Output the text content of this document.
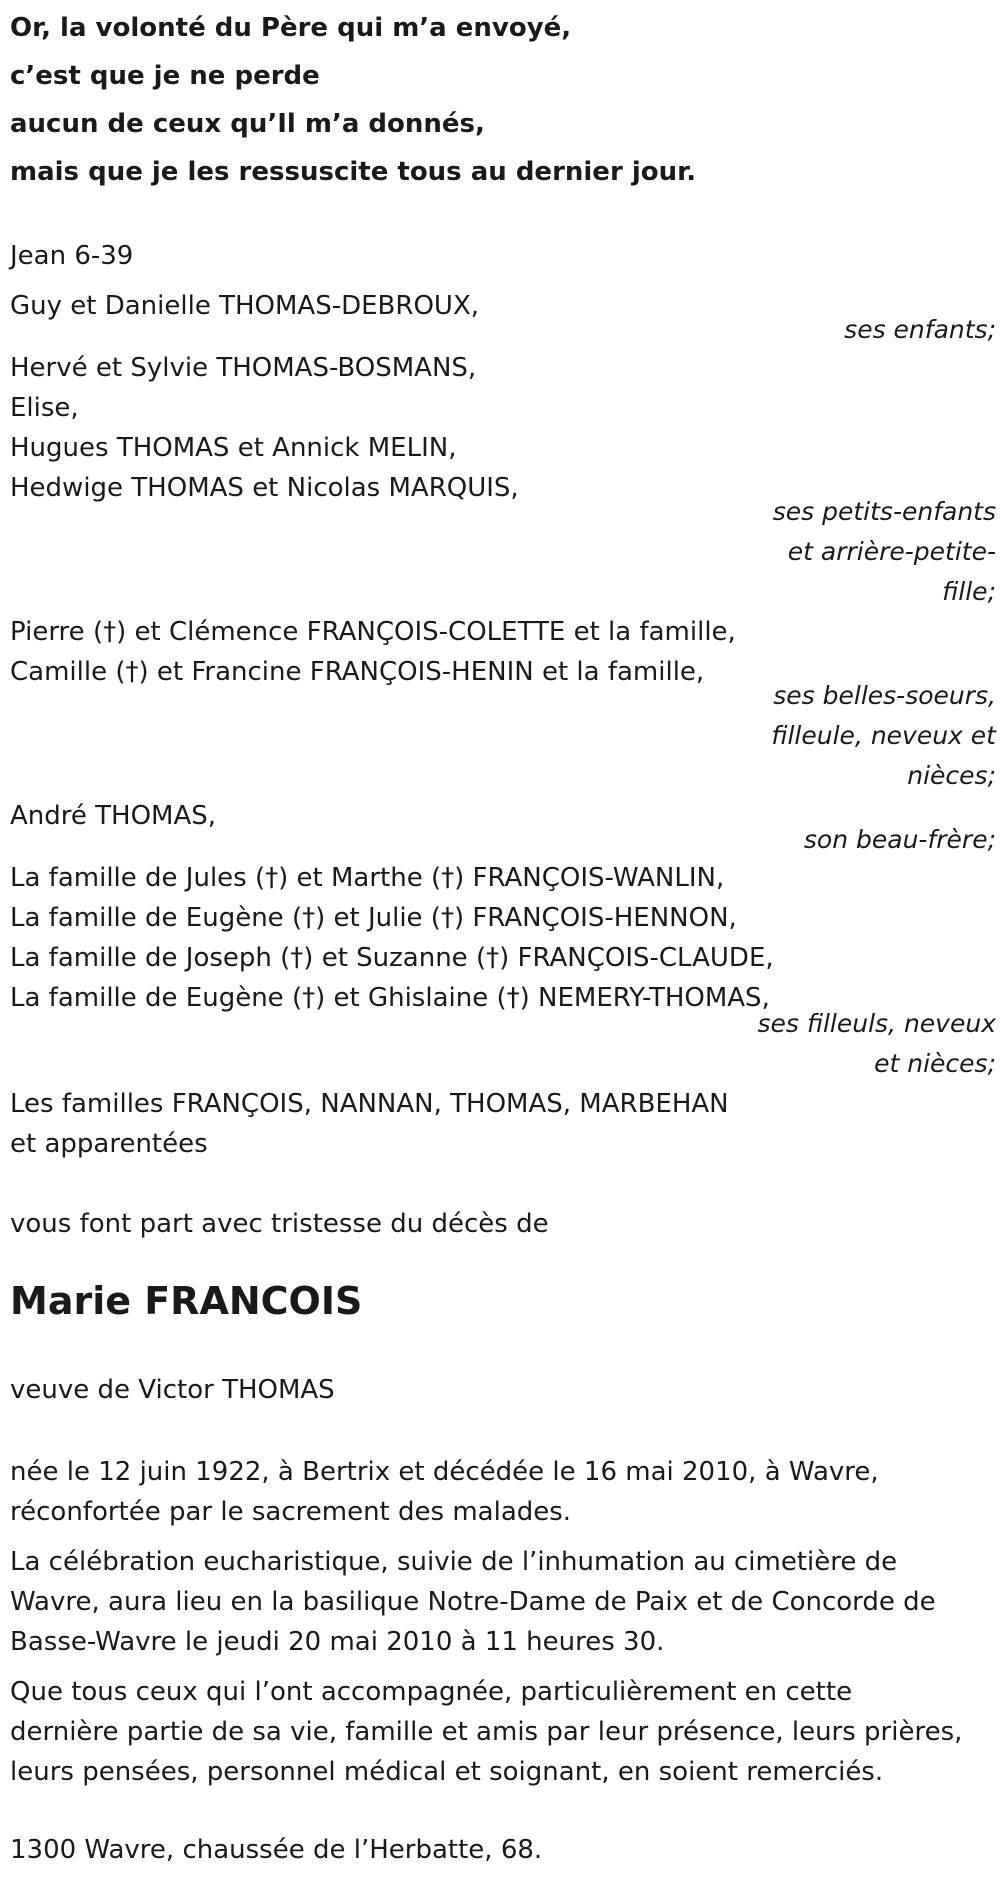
Or, la volonté du Père qui m’a envoyé,

c’est que je ne perde

aucun de ceux qu’Il m’a donnés,

mais que je les ressuscite tous au dernier jour.

Jean 6-39

Guy et Danielle THOMAS-DEBROUX,

ses enfants;

Hervé et Sylvie THOMAS-BOSMANS,

Elise,

Hugues THOMAS et Annick MELIN,

Hedwige THOMAS et Nicolas MARQUIS,

ses petits-enfants

et arrière-petite-

fille;

Pierre (†) et Clémence FRANÇOIS-COLETTE et la famille,

Camille (†) et Francine FRANÇOIS-HENIN et la famille,

ses belles-soeurs,

filleule, neveux et

nièces;

André THOMAS,

son beau-frère;

La famille de Jules (†) et Marthe (†) FRANÇOIS-WANLIN,

La famille de Eugène (†) et Julie (†) FRANÇOIS-HENNON,

La famille de Joseph (†) et Suzanne (†) FRANÇOIS-CLAUDE,

La famille de Eugène (†) et Ghislaine (†) NEMERY-THOMAS,

ses filleuls, neveux

et nièces;

Les familles FRANÇOIS, NANNAN, THOMAS, MARBEHAN

et apparentées

vous font part avec tristesse du décès de

Marie FRANCOIS

veuve de Victor THOMAS

née le 12 juin 1922, à Bertrix et décédée le 16 mai 2010, à Wavre,

réconfortée par le sacrement des malades.

La célébration eucharistique, suivie de l’inhumation au cimetière de

Wavre, aura lieu en la basilique Notre-Dame de Paix et de Concorde de

Basse-Wavre le jeudi 20 mai 2010 à 11 heures 30.

Que tous ceux qui l’ont accompagnée, particulièrement en cette

dernière partie de sa vie, famille et amis par leur présence, leurs prières,

leurs pensées, personnel médical et soignant, en soient remerciés.

1300 Wavre, chaussée de l’Herbatte, 68.
